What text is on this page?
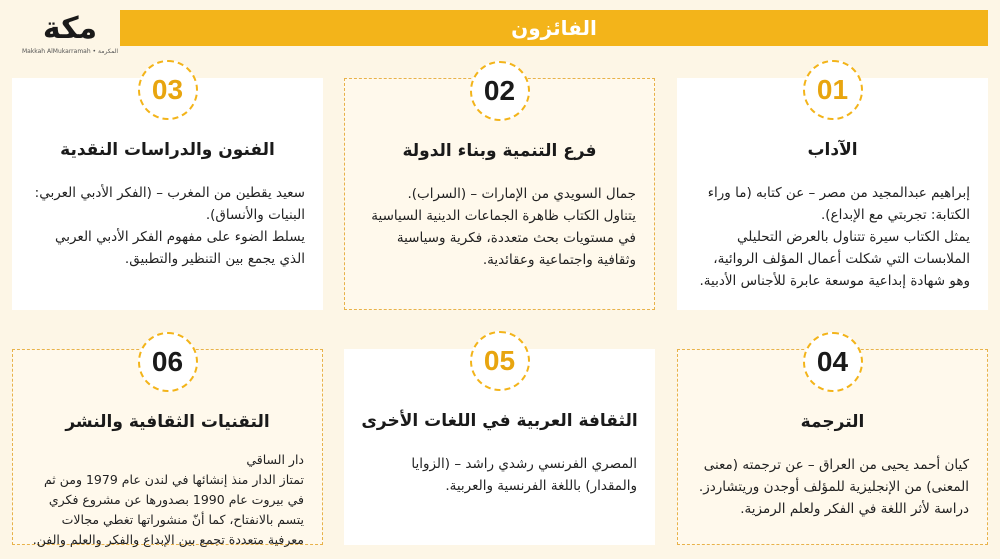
الفائزون
مكة
Makkah AlMukarramah • المكرمة
01
الآداب

إبراهيم عبدالمجيد من مصر – عن كتابه (ما وراء الكتابة: تجربتي مع الإبداع).

يمثل الكتاب سيرة تتناول بالعرض التحليلي الملابسات التي شكلت أعمال المؤلف الروائية، وهو شهادة إبداعية موسعة عابرة للأجناس الأدبية.

02
فرع التنمية وبناء الدولة

جمال السويدي من الإمارات – (السراب).

يتناول الكتاب ظاهرة الجماعات الدينية السياسية في مستويات بحث متعددة، فكرية وسياسية وثقافية واجتماعية وعقائدية.

03
الفنون والدراسات النقدية

سعيد يقطين من المغرب – (الفكر الأدبي العربي: البنيات والأنساق).

يسلط الضوء على مفهوم الفكر الأدبي العربي الذي يجمع بين التنظير والتطبيق.

04
الترجمة

كيان أحمد يحيى من العراق – عن ترجمته (معنى المعنى) من الإنجليزية للمؤلف أوجدن وريتشاردز.

دراسة لأثر اللغة في الفكر ولعلم الرمزية.

05
الثقافة العربية في اللغات الأخرى

المصري الفرنسي رشدي راشد – (الزوايا والمقدار) باللغة الفرنسية والعربية.

06
التقنيات الثقافية والنشر

دار الساقي

تمتاز الدار منذ إنشائها في لندن عام 1979 ومن ثم في بيروت عام 1990 بصدورها عن مشروع فكري يتسم بالانفتاح، كما أنّ منشوراتها تغطي مجالات معرفية متعددة تجمع بين الإبداع والفكر والعلم والفن.
